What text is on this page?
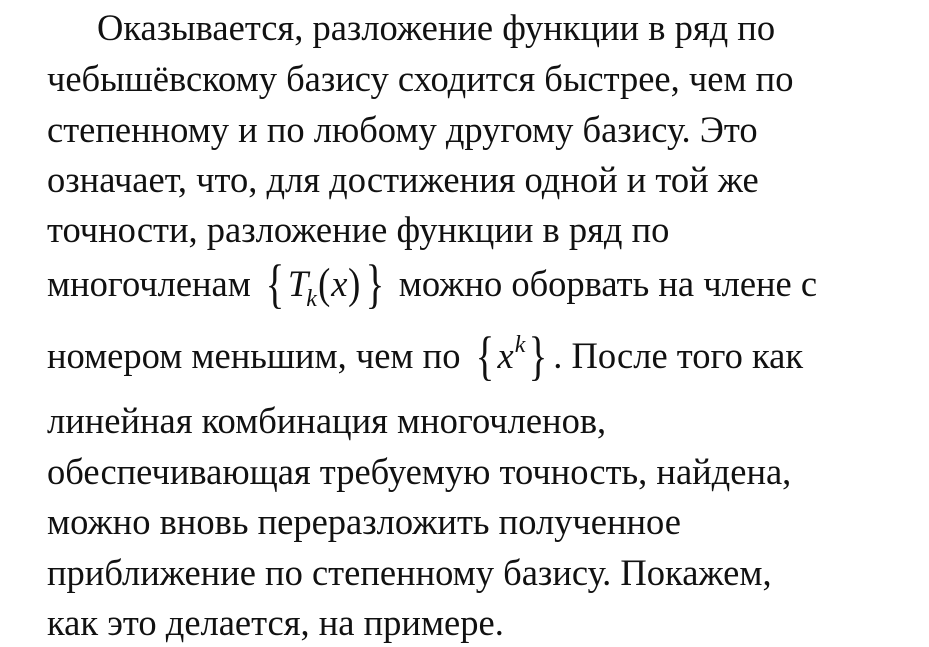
Оказывается, разложение функции в ряд по
чебышёвскому базису сходится быстрее, чем по
степенному и по любому другому базису. Это
означает, что, для достижения одной и той же
точности, разложение функции в ряд по
многочленам $\{T_k(x)\}$ можно оборвать на члене с
номером меньшим, чем по $\{x^k\}$ . После того как
линейная комбинация многочленов,
обеспечивающая требуемую точность, найдена,
можно вновь переразложить полученное
приближение по степенному базису. Покажем,
как это делается, на примере.
